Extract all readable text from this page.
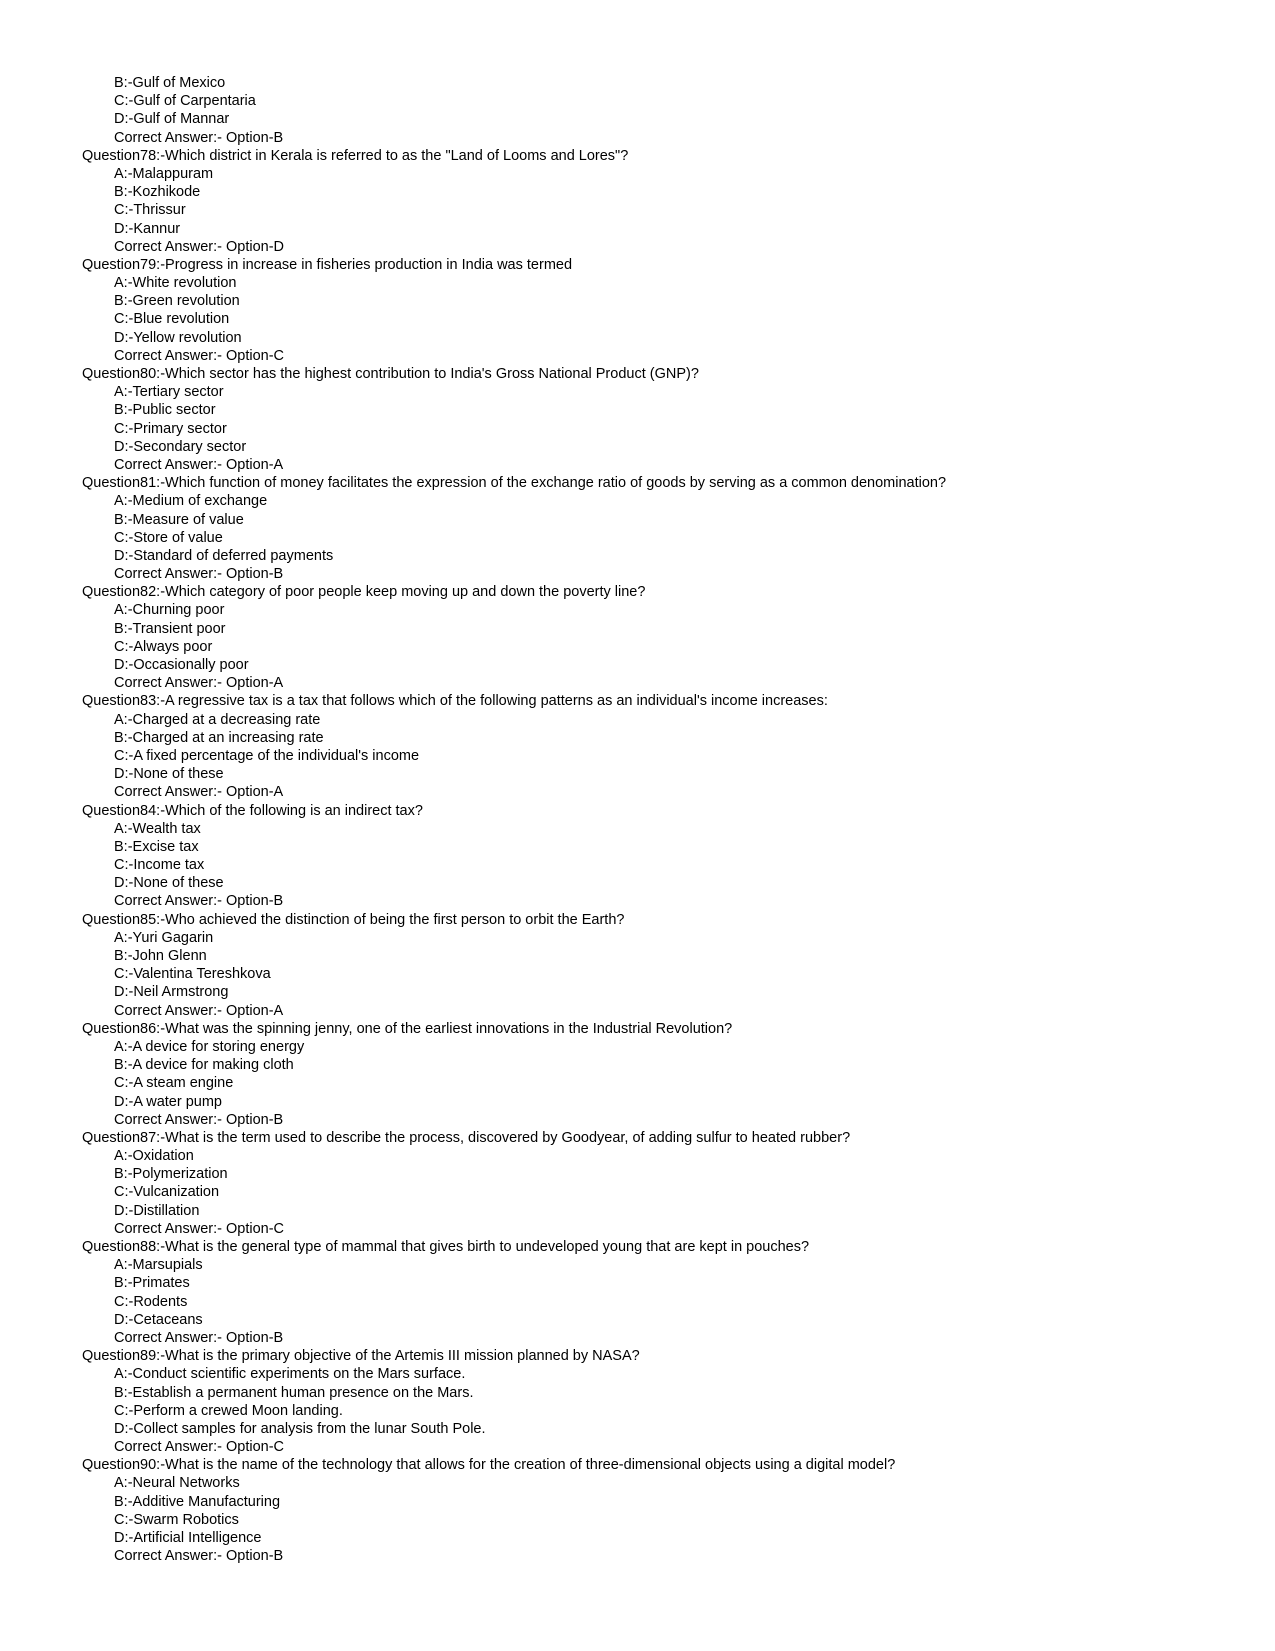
B:-Gulf of Mexico
C:-Gulf of Carpentaria
D:-Gulf of Mannar
Correct Answer:- Option-B
Question78:-Which district in Kerala is referred to as the "Land of Looms and Lores"?
A:-Malappuram
B:-Kozhikode
C:-Thrissur
D:-Kannur
Correct Answer:- Option-D
Question79:-Progress in increase in fisheries production in India was termed
A:-White revolution
B:-Green revolution
C:-Blue revolution
D:-Yellow revolution
Correct Answer:- Option-C
Question80:-Which sector has the highest contribution to India's Gross National Product (GNP)?
A:-Tertiary sector
B:-Public sector
C:-Primary sector
D:-Secondary sector
Correct Answer:- Option-A
Question81:-Which function of money facilitates the expression of the exchange ratio of goods by serving as a common denomination?
A:-Medium of exchange
B:-Measure of value
C:-Store of value
D:-Standard of deferred payments
Correct Answer:- Option-B
Question82:-Which category of poor people keep moving up and down the poverty line?
A:-Churning poor
B:-Transient poor
C:-Always poor
D:-Occasionally poor
Correct Answer:- Option-A
Question83:-A regressive tax is a tax that follows which of the following patterns as an individual's income increases:
A:-Charged at a decreasing rate
B:-Charged at an increasing rate
C:-A fixed percentage of the individual's income
D:-None of these
Correct Answer:- Option-A
Question84:-Which of the following is an indirect tax?
A:-Wealth tax
B:-Excise tax
C:-Income tax
D:-None of these
Correct Answer:- Option-B
Question85:-Who achieved the distinction of being the first person to orbit the Earth?
A:-Yuri Gagarin
B:-John Glenn
C:-Valentina Tereshkova
D:-Neil Armstrong
Correct Answer:- Option-A
Question86:-What was the spinning jenny, one of the earliest innovations in the Industrial Revolution?
A:-A device for storing energy
B:-A device for making cloth
C:-A steam engine
D:-A water pump
Correct Answer:- Option-B
Question87:-What is the term used to describe the process, discovered by Goodyear, of adding sulfur to heated rubber?
A:-Oxidation
B:-Polymerization
C:-Vulcanization
D:-Distillation
Correct Answer:- Option-C
Question88:-What is the general type of mammal that gives birth to undeveloped young that are kept in pouches?
A:-Marsupials
B:-Primates
C:-Rodents
D:-Cetaceans
Correct Answer:- Option-B
Question89:-What is the primary objective of the Artemis III mission planned by NASA?
A:-Conduct scientific experiments on the Mars surface.
B:-Establish a permanent human presence on the Mars.
C:-Perform a crewed Moon landing.
D:-Collect samples for analysis from the lunar South Pole.
Correct Answer:- Option-C
Question90:-What is the name of the technology that allows for the creation of three-dimensional objects using a digital model?
A:-Neural Networks
B:-Additive Manufacturing
C:-Swarm Robotics
D:-Artificial Intelligence
Correct Answer:- Option-B
